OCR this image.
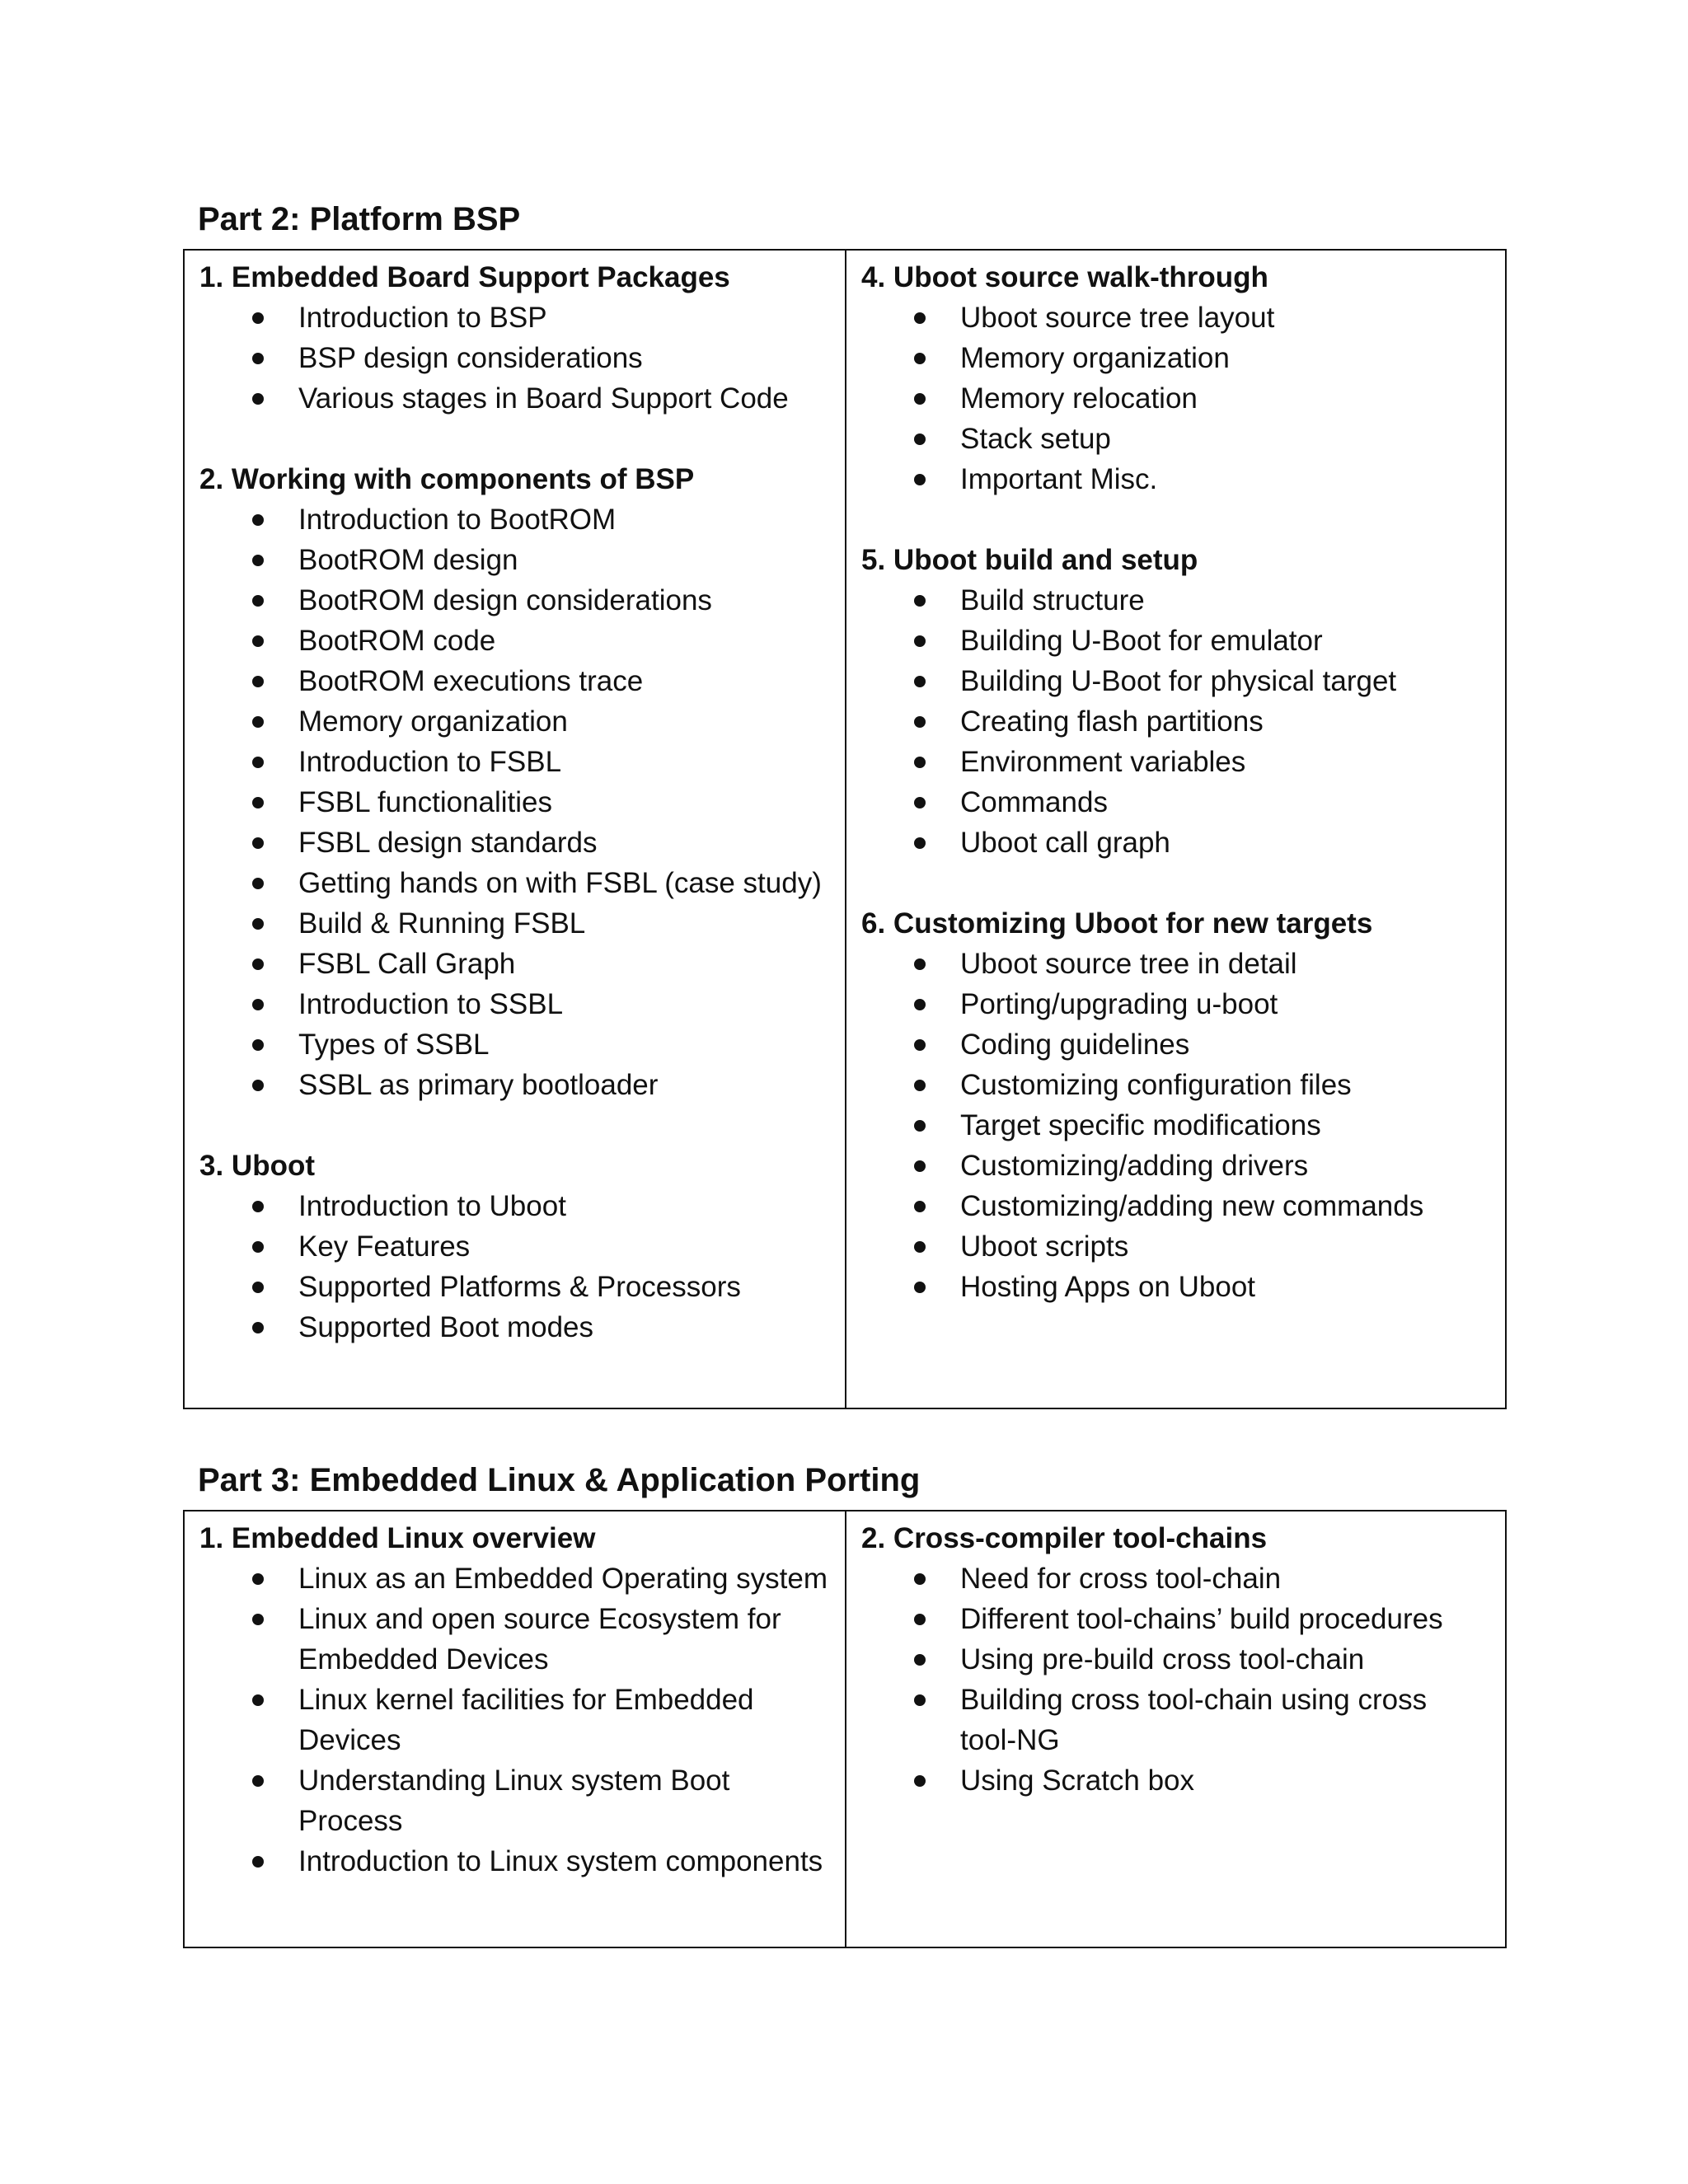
Part 2: Platform BSP
1. Embedded Board Support Packages
Introduction to BSP
BSP design considerations
Various stages in Board Support Code
2. Working with components of BSP
Introduction to BootROM
BootROM design
BootROM design considerations
BootROM code
BootROM executions trace
Memory organization
Introduction to FSBL
FSBL functionalities
FSBL design standards
Getting hands on with FSBL (case study)
Build & Running FSBL
FSBL Call Graph
Introduction to SSBL
Types of SSBL
SSBL as primary bootloader
3. Uboot
Introduction to Uboot
Key Features
Supported Platforms & Processors
Supported Boot modes
4. Uboot source walk-through
Uboot source tree layout
Memory organization
Memory relocation
Stack setup
Important Misc.
5. Uboot build and setup
Build structure
Building U-Boot for emulator
Building U-Boot for physical target
Creating flash partitions
Environment variables
Commands
Uboot call graph
6. Customizing Uboot for new targets
Uboot source tree in detail
Porting/upgrading u-boot
Coding guidelines
Customizing configuration files
Target specific modifications
Customizing/adding drivers
Customizing/adding new commands
Uboot scripts
Hosting Apps on Uboot
Part 3: Embedded Linux & Application Porting
1. Embedded Linux overview
Linux as an Embedded Operating system
Linux and open source Ecosystem for Embedded Devices
Linux kernel facilities for Embedded Devices
Understanding Linux system Boot Process
Introduction to Linux system components
2. Cross-compiler tool-chains
Need for cross tool-chain
Different tool-chains’ build procedures
Using pre-build cross tool-chain
Building cross tool-chain using cross tool-NG
Using Scratch box
